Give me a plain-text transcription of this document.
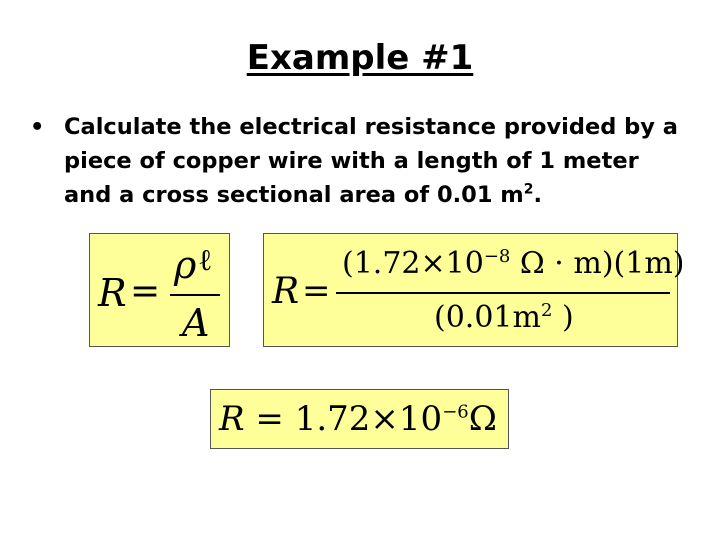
Example #1
• Calculate the electrical resistance provided by a piece of copper wire with a length of 1 meter and a cross sectional area of 0.01 $m^2$.
R =
ρ ℓ
A
R =
($1.72\times 10^{-8}$ Ω · m)(1m)
($0.01m^2$ )
$R = 1.72\times 10^{-6}\Omega$
